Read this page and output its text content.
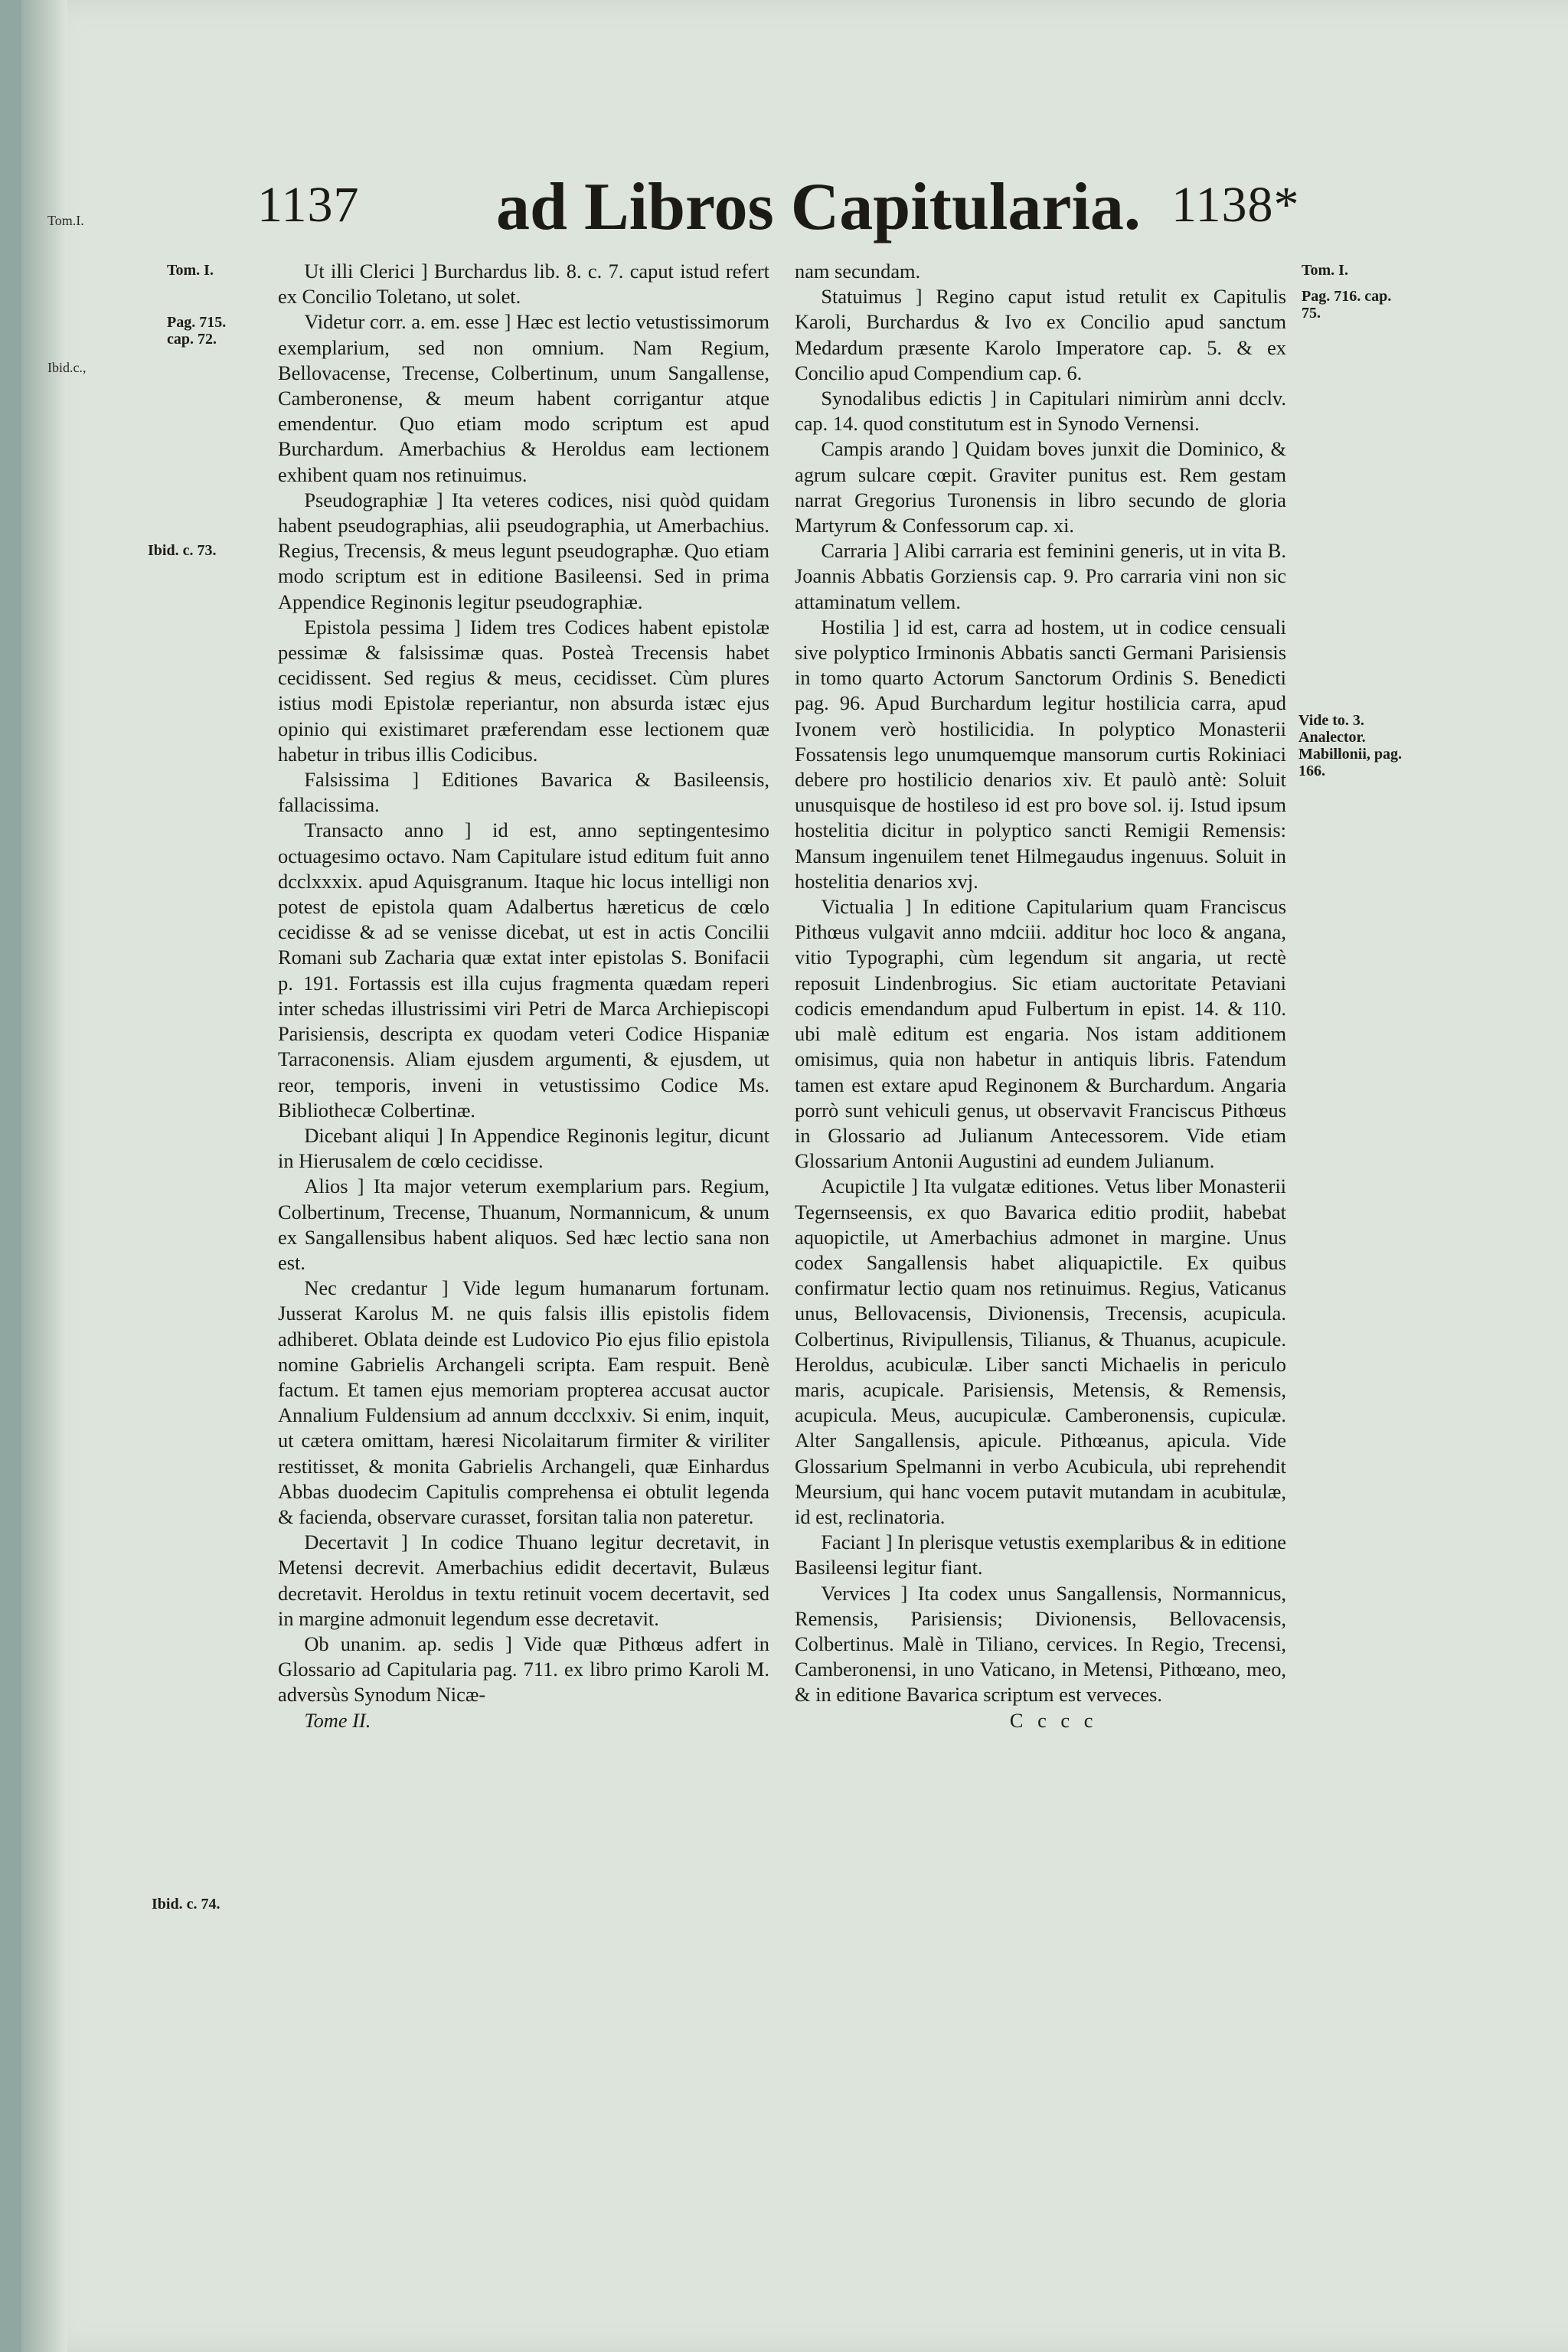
Tom.I.
Ibid.c.,
1137 ad Libros Capitularia. 1138*
Tom. I.
Pag. 715. cap. 72.
Ibid. c. 73.
Ibid. c. 74.
Tom. I.
Pag. 716. cap. 75.
Vide to. 3. Analector. Mabillonii, pag. 166.

Ut illi Clerici ] Burchardus lib. 8. c. 7. caput istud refert ex Concilio Toletano, ut solet.

Videtur corr. a. em. esse ] Hæc est lectio vetustissimorum exemplarium, sed non omnium. Nam Regium, Bellovacense, Trecense, Colbertinum, unum Sangallense, Camberonense, & meum habent corrigantur atque emendentur. Quo etiam modo scriptum est apud Burchardum. Amerbachius & Heroldus eam lectionem exhibent quam nos retinuimus.

Pseudographiæ ] Ita veteres codices, nisi quòd quidam habent pseudographias, alii pseudographia, ut Amerbachius. Regius, Trecensis, & meus legunt pseudographæ. Quo etiam modo scriptum est in editione Basileensi. Sed in prima Appendice Reginonis legitur pseudographiæ.

Epistola pessima ] Iidem tres Codices habent epistolæ pessimæ & falsissimæ quas. Posteà Trecensis habet cecidissent. Sed regius & meus, cecidisset. Cùm plures istius modi Epistolæ reperiantur, non absurda istæc ejus opinio qui existimaret præferendam esse lectionem quæ habetur in tribus illis Codicibus.

Falsissima ] Editiones Bavarica & Basileensis, fallacissima.

Transacto anno ] id est, anno septingentesimo octuagesimo octavo. Nam Capitulare istud editum fuit anno dcclxxxix. apud Aquisgranum. Itaque hic locus intelligi non potest de epistola quam Adalbertus hæreticus de cœlo cecidisse & ad se venisse dicebat, ut est in actis Concilii Romani sub Zacharia quæ extat inter epistolas S. Bonifacii p. 191. Fortassis est illa cujus fragmenta quædam reperi inter schedas illustrissimi viri Petri de Marca Archiepiscopi Parisiensis, descripta ex quodam veteri Codice Hispaniæ Tarraconensis. Aliam ejusdem argumenti, & ejusdem, ut reor, temporis, inveni in vetustissimo Codice Ms. Bibliothecæ Colbertinæ.

Dicebant aliqui ] In Appendice Reginonis legitur, dicunt in Hierusalem de cœlo cecidisse.

Alios ] Ita major veterum exemplarium pars. Regium, Colbertinum, Trecense, Thuanum, Normannicum, & unum ex Sangallensibus habent aliquos. Sed hæc lectio sana non est.

Nec credantur ] Vide legum humanarum fortunam. Jusserat Karolus M. ne quis falsis illis epistolis fidem adhiberet. Oblata deinde est Ludovico Pio ejus filio epistola nomine Gabrielis Archangeli scripta. Eam respuit. Benè factum. Et tamen ejus memoriam propterea accusat auctor Annalium Fuldensium ad annum dccclxxiv. Si enim, inquit, ut cætera omittam, hæresi Nicolaitarum firmiter & viriliter restitisset, & monita Gabrielis Archangeli, quæ Einhardus Abbas duodecim Capitulis comprehensa ei obtulit legenda & facienda, observare curasset, forsitan talia non pateretur.

Decertavit ] In codice Thuano legitur decretavit, in Metensi decrevit. Amerbachius edidit decertavit, Bulæus decretavit. Heroldus in textu retinuit vocem decertavit, sed in margine admonuit legendum esse decretavit.

Ob unanim. ap. sedis ] Vide quæ Pithœus adfert in Glossario ad Capitularia pag. 711. ex libro primo Karoli M. adversùs Synodum Nicæ-

Tome II.

nam secundam.

Statuimus ] Regino caput istud retulit ex Capitulis Karoli, Burchardus & Ivo ex Concilio apud sanctum Medardum præsente Karolo Imperatore cap. 5. & ex Concilio apud Compendium cap. 6.

Synodalibus edictis ] in Capitulari nimirùm anni dcclv. cap. 14. quod constitutum est in Synodo Vernensi.

Campis arando ] Quidam boves junxit die Dominico, & agrum sulcare cœpit. Graviter punitus est. Rem gestam narrat Gregorius Turonensis in libro secundo de gloria Martyrum & Confessorum cap. xi.

Carraria ] Alibi carraria est feminini generis, ut in vita B. Joannis Abbatis Gorziensis cap. 9. Pro carraria vini non sic attaminatum vellem.

Hostilia ] id est, carra ad hostem, ut in codice censuali sive polyptico Irminonis Abbatis sancti Germani Parisiensis in tomo quarto Actorum Sanctorum Ordinis S. Benedicti pag. 96. Apud Burchardum legitur hostilicia carra, apud Ivonem verò hostilicidia. In polyptico Monasterii Fossatensis lego unumquemque mansorum curtis Rokiniaci debere pro hostilicio denarios xiv. Et paulò antè: Soluit unusquisque de hostileso id est pro bove sol. ij. Istud ipsum hostelitia dicitur in polyptico sancti Remigii Remensis: Mansum ingenuilem tenet Hilmegaudus ingenuus. Soluit in hostelitia denarios xvj.

Victualia ] In editione Capitularium quam Franciscus Pithœus vulgavit anno mdciii. additur hoc loco & angana, vitio Typographi, cùm legendum sit angaria, ut rectè reposuit Lindenbrogius. Sic etiam auctoritate Petaviani codicis emendandum apud Fulbertum in epist. 14. & 110. ubi malè editum est engaria. Nos istam additionem omisimus, quia non habetur in antiquis libris. Fatendum tamen est extare apud Reginonem & Burchardum. Angaria porrò sunt vehiculi genus, ut observavit Franciscus Pithœus in Glossario ad Julianum Antecessorem. Vide etiam Glossarium Antonii Augustini ad eundem Julianum.

Acupictile ] Ita vulgatæ editiones. Vetus liber Monasterii Tegernseensis, ex quo Bavarica editio prodiit, habebat aquopictile, ut Amerbachius admonet in margine. Unus codex Sangallensis habet aliquapictile. Ex quibus confirmatur lectio quam nos retinuimus. Regius, Vaticanus unus, Bellovacensis, Divionensis, Trecensis, acupicula. Colbertinus, Rivipullensis, Tilianus, & Thuanus, acupicule. Heroldus, acubiculæ. Liber sancti Michaelis in periculo maris, acupicale. Parisiensis, Metensis, & Remensis, acupicula. Meus, aucupiculæ. Camberonensis, cupiculæ. Alter Sangallensis, apicule. Pithœanus, apicula. Vide Glossarium Spelmanni in verbo Acubicula, ubi reprehendit Meursium, qui hanc vocem putavit mutandam in acubitulæ, id est, reclinatoria.

Faciant ] In plerisque vetustis exemplaribus & in editione Basileensi legitur fiant.

Vervices ] Ita codex unus Sangallensis, Normannicus, Remensis, Parisiensis; Divionensis, Bellovacensis, Colbertinus. Malè in Tiliano, cervices. In Regio, Trecensi, Camberonensi, in uno Vaticano, in Metensi, Pithœano, meo, & in editione Bavarica scriptum est verveces.

C c c c
